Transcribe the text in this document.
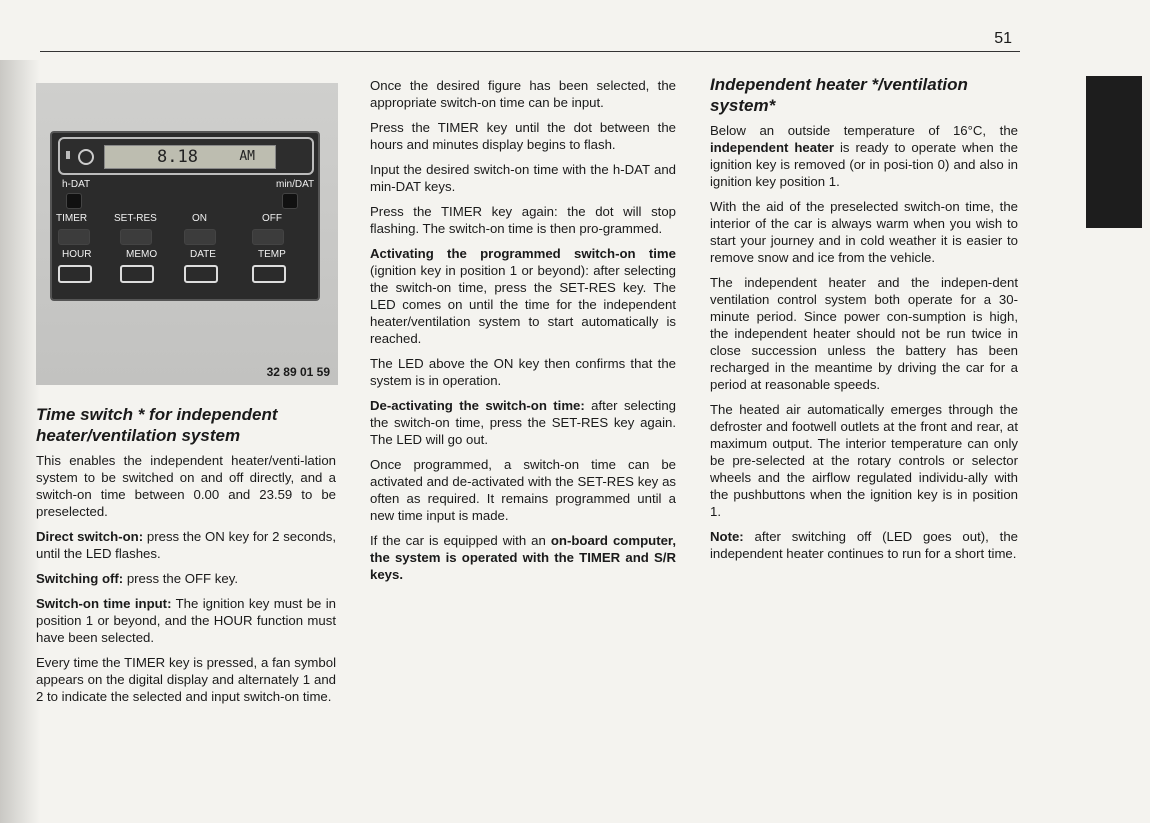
51
8.18	AM
h-DAT	min/DAT
TIMER	SET-RES	ON	OFF
HOUR	MEMO	DATE	TEMP
32 89 01 59
Time switch * for independent heater/ventilation system

This enables the independent heater/venti-lation system to be switched on and off directly, and a switch-on time between 0.00 and 23.59 to be preselected.

Direct switch-on: press the ON key for 2 seconds, until the LED flashes.

Switching off: press the OFF key.

Switch-on time input: The ignition key must be in position 1 or beyond, and the HOUR function must have been selected.

Every time the TIMER key is pressed, a fan symbol appears on the digital display and alternately 1 and 2 to indicate the selected and input switch-on time.

Once the desired figure has been selected, the appropriate switch-on time can be input.

Press the TIMER key until the dot between the hours and minutes display begins to flash.

Input the desired switch-on time with the h-DAT and min-DAT keys.

Press the TIMER key again: the dot will stop flashing. The switch-on time is then pro-grammed.

Activating the programmed switch-on time (ignition key in position 1 or beyond): after selecting the switch-on time, press the SET-RES key. The LED comes on until the time for the independent heater/ventilation system to start automatically is reached.

The LED above the ON key then confirms that the system is in operation.

De-activating the switch-on time: after selecting the switch-on time, press the SET-RES key again. The LED will go out.

Once programmed, a switch-on time can be activated and de-activated with the SET-RES key as often as required. It remains programmed until a new time input is made.

If the car is equipped with an on-board computer, the system is operated with the TIMER and S/R keys.

Independent heater */ventilation system*

Below an outside temperature of 16°C, the independent heater is ready to operate when the ignition key is removed (or in posi-tion 0) and also in ignition key position 1.

With the aid of the preselected switch-on time, the interior of the car is always warm when you wish to start your journey and in cold weather it is easier to remove snow and ice from the vehicle.

The independent heater and the indepen-dent ventilation control system both operate for a 30-minute period. Since power con-sumption is high, the independent heater should not be run twice in close succession unless the battery has been recharged in the meantime by driving the car for a period at reasonable speeds.

The heated air automatically emerges through the defroster and footwell outlets at the front and rear, at maximum output. The interior temperature can only be pre-selected at the rotary controls or selector wheels and the airflow regulated individu-ally with the pushbuttons when the ignition key is in position 1.

Note: after switching off (LED goes out), the independent heater continues to run for a short time.
